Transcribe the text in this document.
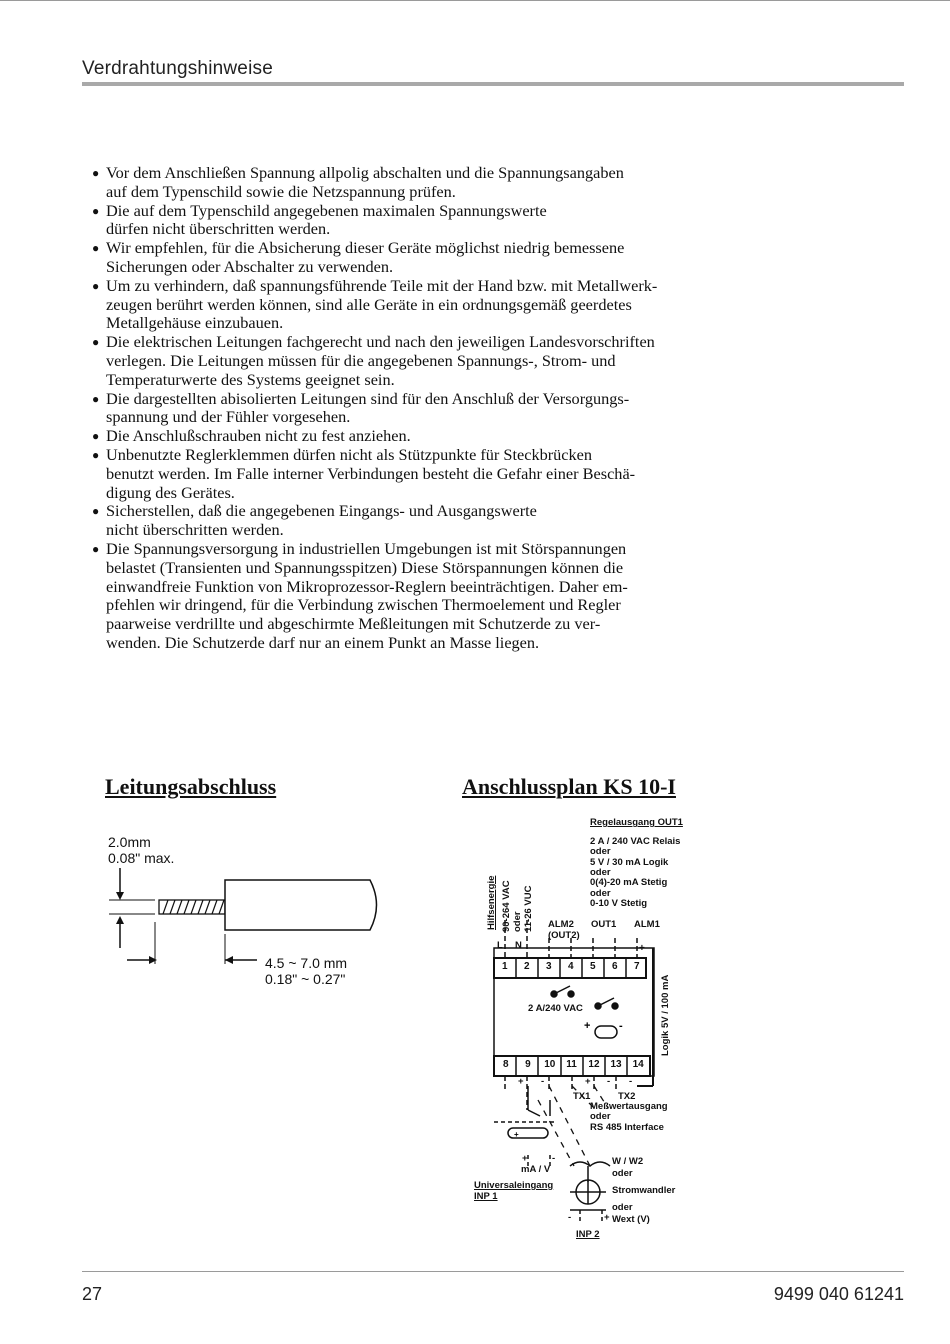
Verdrahtungshinweise
● Vor dem Anschließen Spannung allpolig abschalten und die Spannungsangaben
auf dem Typenschild sowie die Netzspannung prüfen.
● Die auf dem Typenschild angegebenen maximalen Spannungswerte
dürfen nicht überschritten werden.
● Wir empfehlen, für die Absicherung dieser Geräte möglichst niedrig bemessene
Sicherungen oder Abschalter zu verwenden.
● Um zu verhindern, daß spannungsführende Teile mit der Hand bzw. mit Metallwerk-
zeugen berührt werden können, sind alle Geräte in ein ordnungsgemäß geerdetes
Metallgehäuse einzubauen.
● Die elektrischen Leitungen fachgerecht und nach den jeweiligen Landesvorschriften
verlegen. Die Leitungen müssen für die angegebenen Spannungs-, Strom- und
Temperaturwerte des Systems geeignet sein.
● Die dargestellten abisolierten Leitungen sind für den Anschluß der Versorgungs-
spannung und der Fühler vorgesehen.
● Die Anschlußschrauben nicht zu fest anziehen.
● Unbenutzte Reglerklemmen dürfen nicht als Stützpunkte für Steckbrücken
benutzt werden. Im Falle interner Verbindungen besteht die Gefahr einer Beschä-
digung des Gerätes.
● Sicherstellen, daß die angegebenen Eingangs- und Ausgangswerte
nicht überschritten werden.
● Die Spannungsversorgung in industriellen Umgebungen ist mit Störspannungen
belastet (Transienten und Spannungsspitzen) Diese Störspannungen können die
einwandfreie Funktion von Mikroprozessor-Reglern beeinträchtigen. Daher em-
pfehlen wir dringend, für die Verbindung zwischen Thermoelement und Regler
paarweise verdrillte und abgeschirmte Meßleitungen mit Schutzerde zu ver-
wenden. Die Schutzerde darf nur an einem Punkt an Masse liegen.
Leitungsabschluss	Anschlussplan KS 10-I
2.0mm
0.08" max.
4.5 ~ 7.0 mm
0.18" ~ 0.27"
+	-
+
Regelausgang OUT1
2 A / 240 VAC Relais
oder
5 V / 30 mA Logik
oder
0(4)-20 mA Stetig
oder
0-10 V Stetig
Hilfsenergie 90-264 VAC oder 11-26 VUC
L N
ALM2
(OUT2)
OUT1 ALM1
+
1 2 3 4 5 6 7
8 9 10 11 12 13 14
2 A/240 VAC	Logik 5V / 100 mA
+ -	+ - -
TX1	TX2
Meßwertausgang
oder
RS 485 Interface
+	-
mA / V
Universaleingang
INP 1
W / W2
oder
Stromwandler
oder
-	+ Wext (V)
INP 2
27	9499 040 61241
